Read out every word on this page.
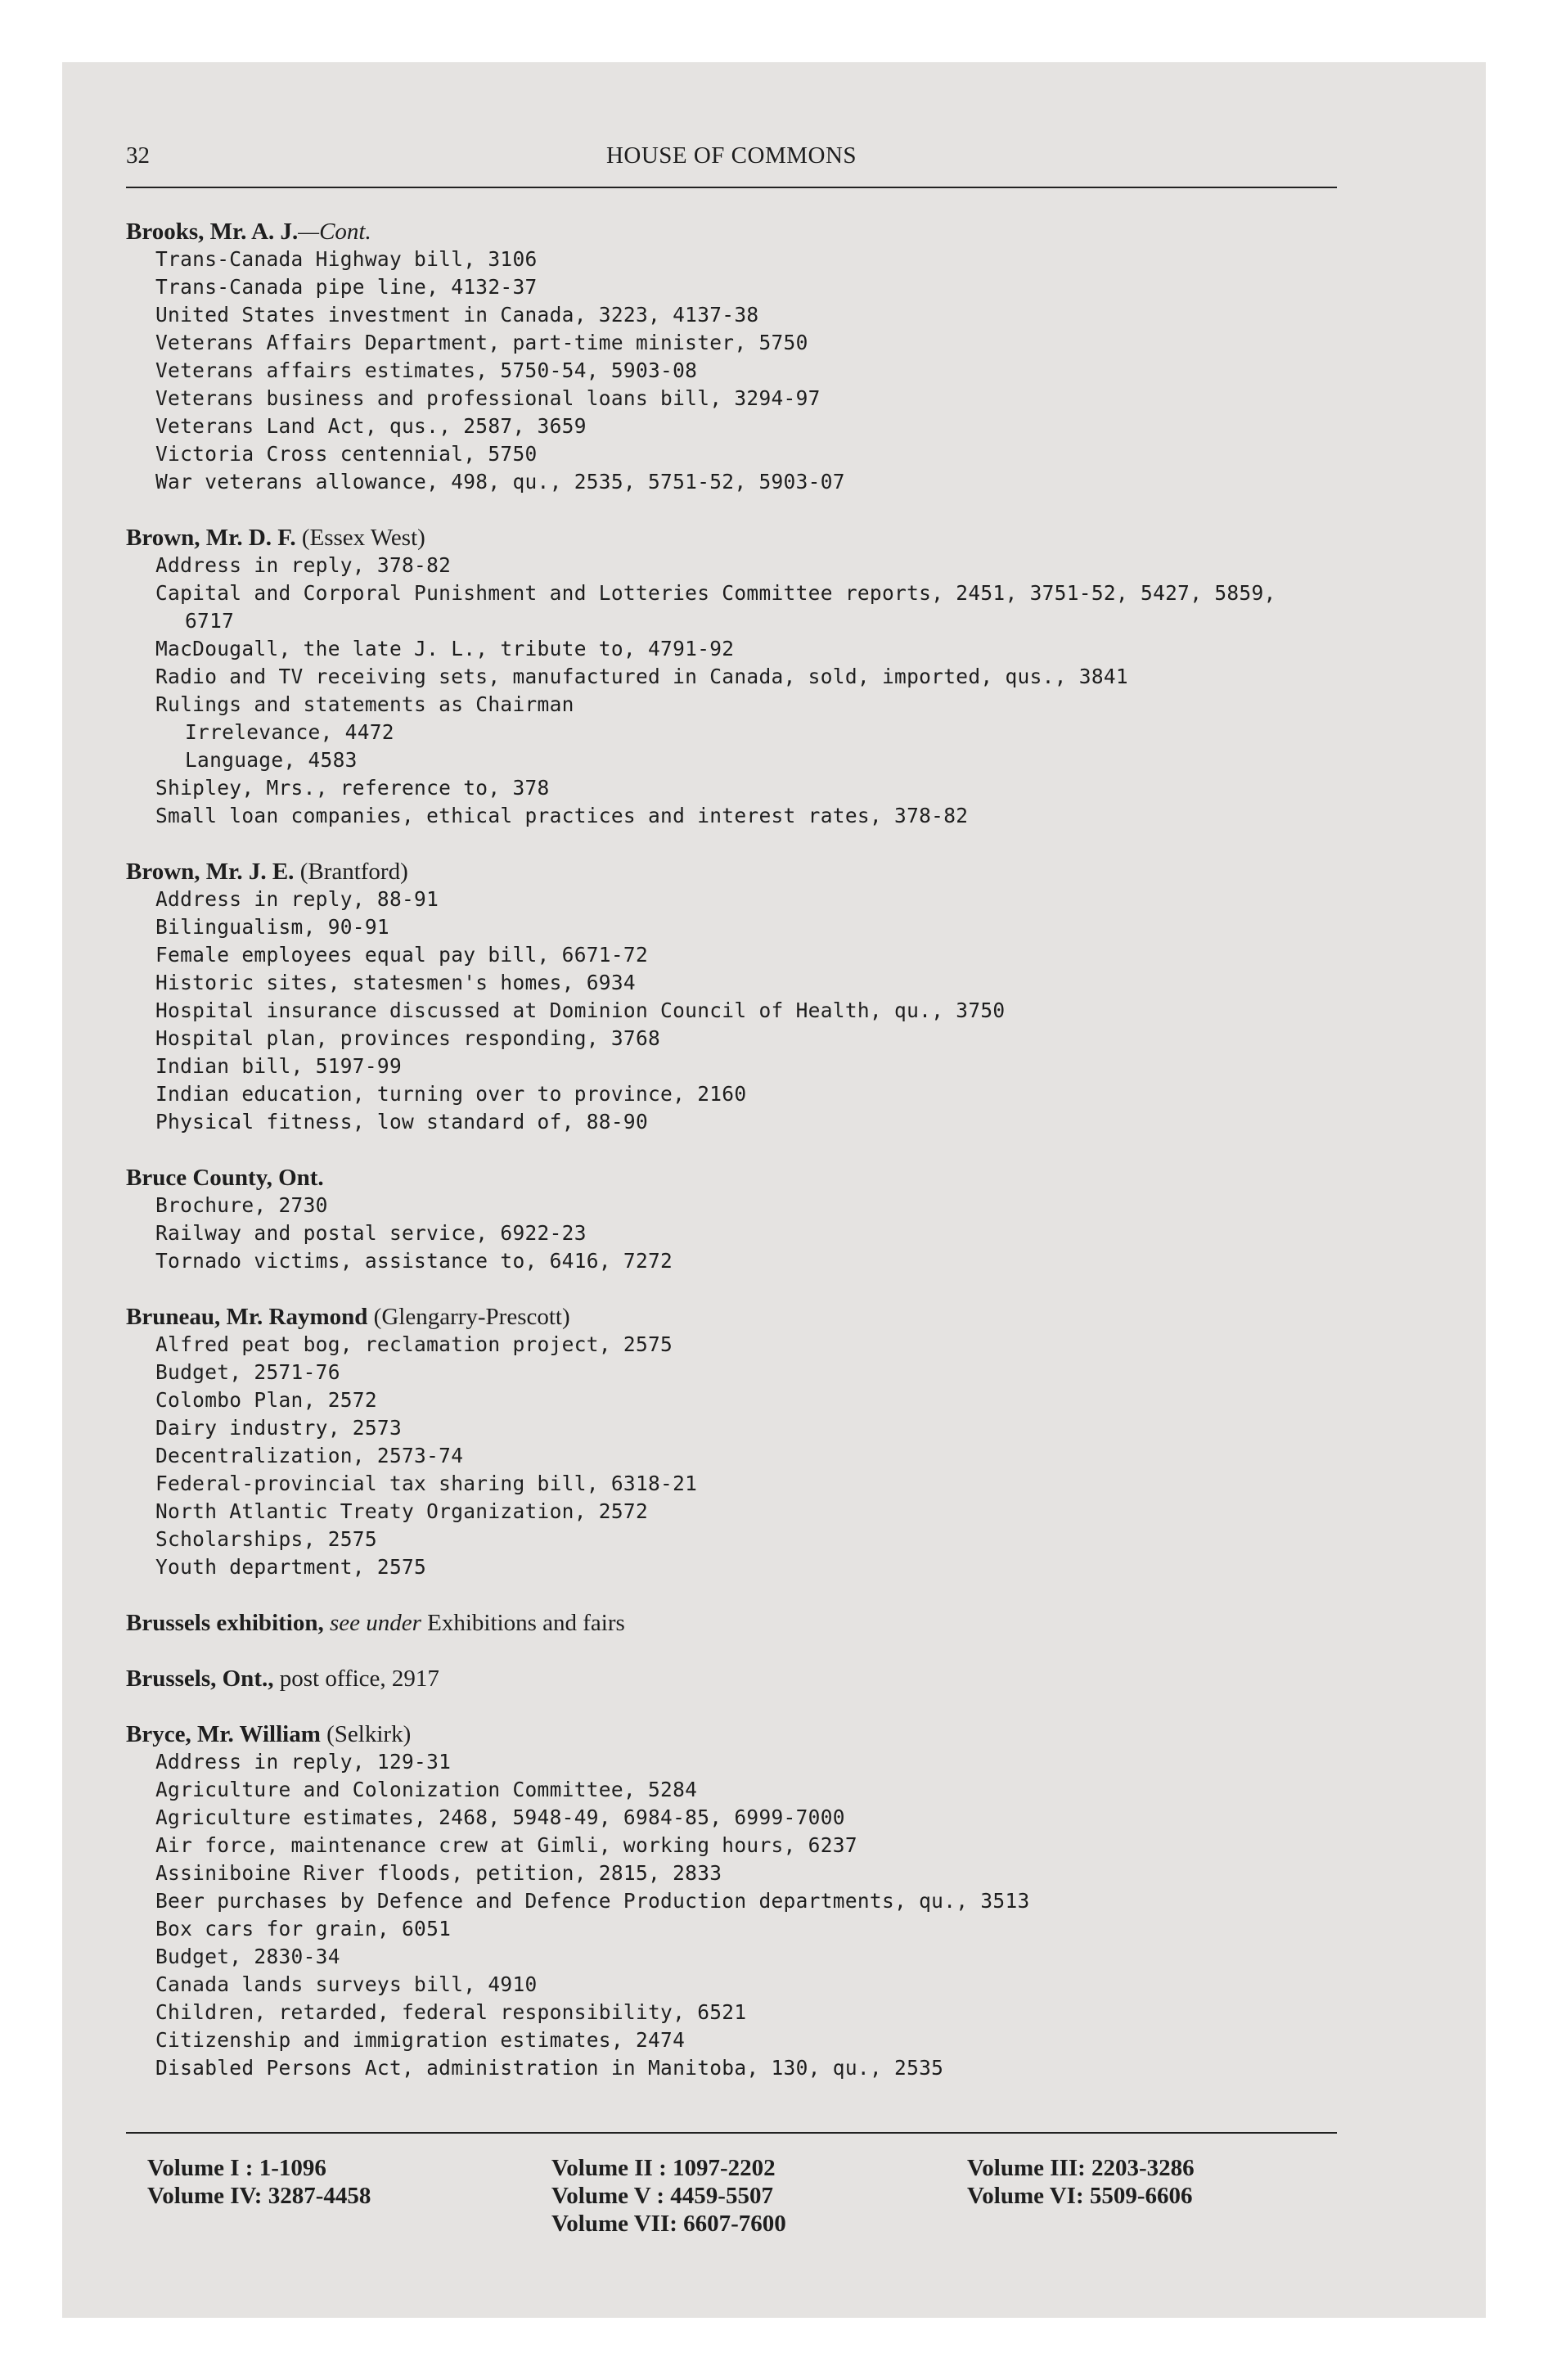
32	HOUSE OF COMMONS
Brooks, Mr. A. J.—Cont.
Trans-Canada Highway bill, 3106
Trans-Canada pipe line, 4132-37
United States investment in Canada, 3223, 4137-38
Veterans Affairs Department, part-time minister, 5750
Veterans affairs estimates, 5750-54, 5903-08
Veterans business and professional loans bill, 3294-97
Veterans Land Act, qus., 2587, 3659
Victoria Cross centennial, 5750
War veterans allowance, 498, qu., 2535, 5751-52, 5903-07
Brown, Mr. D. F. (Essex West)
Address in reply, 378-82
Capital and Corporal Punishment and Lotteries Committee reports, 2451, 3751-52, 5427, 5859, 6717
MacDougall, the late J. L., tribute to, 4791-92
Radio and TV receiving sets, manufactured in Canada, sold, imported, qus., 3841
Rulings and statements as Chairman
Irrelevance, 4472
Language, 4583
Shipley, Mrs., reference to, 378
Small loan companies, ethical practices and interest rates, 378-82
Brown, Mr. J. E. (Brantford)
Address in reply, 88-91
Bilingualism, 90-91
Female employees equal pay bill, 6671-72
Historic sites, statesmen's homes, 6934
Hospital insurance discussed at Dominion Council of Health, qu., 3750
Hospital plan, provinces responding, 3768
Indian bill, 5197-99
Indian education, turning over to province, 2160
Physical fitness, low standard of, 88-90
Bruce County, Ont.
Brochure, 2730
Railway and postal service, 6922-23
Tornado victims, assistance to, 6416, 7272
Bruneau, Mr. Raymond (Glengarry-Prescott)
Alfred peat bog, reclamation project, 2575
Budget, 2571-76
Colombo Plan, 2572
Dairy industry, 2573
Decentralization, 2573-74
Federal-provincial tax sharing bill, 6318-21
North Atlantic Treaty Organization, 2572
Scholarships, 2575
Youth department, 2575
Brussels exhibition, see under Exhibitions and fairs
Brussels, Ont., post office, 2917
Bryce, Mr. William (Selkirk)
Address in reply, 129-31
Agriculture and Colonization Committee, 5284
Agriculture estimates, 2468, 5948-49, 6984-85, 6999-7000
Air force, maintenance crew at Gimli, working hours, 6237
Assiniboine River floods, petition, 2815, 2833
Beer purchases by Defence and Defence Production departments, qu., 3513
Box cars for grain, 6051
Budget, 2830-34
Canada lands surveys bill, 4910
Children, retarded, federal responsibility, 6521
Citizenship and immigration estimates, 2474
Disabled Persons Act, administration in Manitoba, 130, qu., 2535
Volume I : 1-1096
Volume IV: 3287-4458
Volume II : 1097-2202
Volume V : 4459-5507
Volume VII: 6607-7600
Volume III: 2203-3286
Volume VI: 5509-6606
